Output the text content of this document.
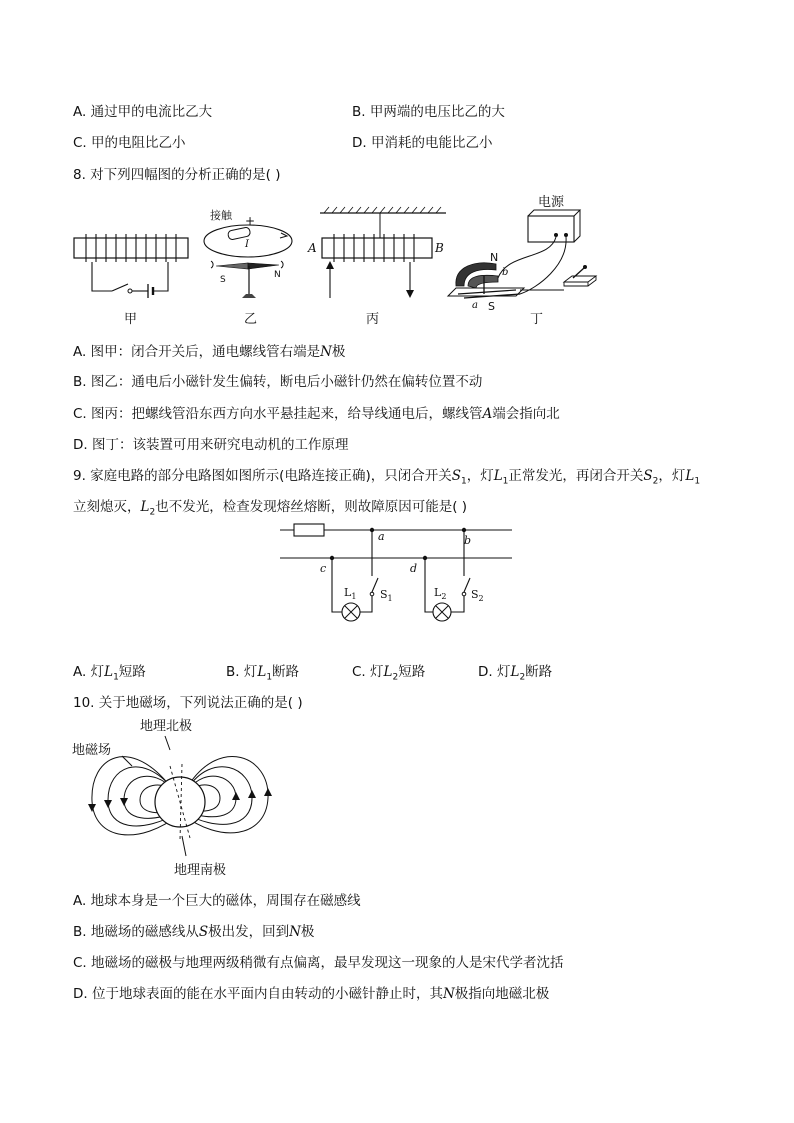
A. 通过甲的电流比乙大	B. 甲两端的电压比乙的大
C. 甲的电阻比乙小	D. 甲消耗的电能比乙小
8. 对下列四幅图的分析正确的是( )
甲
接触 +
I
S	N
乙
A	B
丙
电源
N
S
a
b
丁
A. 图甲：闭合开关后，通电螺线管右端是N极
B. 图乙：通电后小磁针发生偏转，断电后小磁针仍然在偏转位置不动
C. 图丙：把螺线管沿东西方向水平悬挂起来，给导线通电后，螺线管A端会指向北
D. 图丁：该装置可用来研究电动机的工作原理
9. 家庭电路的部分电路图如图所示(电路连接正确)，只闭合开关$S_1$，灯$L_1$正常发光，再闭合开关$S_2$，灯$L_1$
立刻熄灭，$L_2$也不发光，检查发现熔丝熔断，则故障原因可能是( )
a
c
$L_1$ $S_1$
b
d
$L_2$ $S_2$
A. 灯$L_1$短路	B. 灯$L_1$断路	C. 灯$L_2$短路	D. 灯$L_2$断路
10. 关于地磁场，下列说法正确的是( )
地理北极
地磁场
地理南极
A. 地球本身是一个巨大的磁体，周围存在磁感线
B. 地磁场的磁感线从S极出发，回到N极
C. 地磁场的磁极与地理两级稍微有点偏离，最早发现这一现象的人是宋代学者沈括
D. 位于地球表面的能在水平面内自由转动的小磁针静止时，其N极指向地磁北极
